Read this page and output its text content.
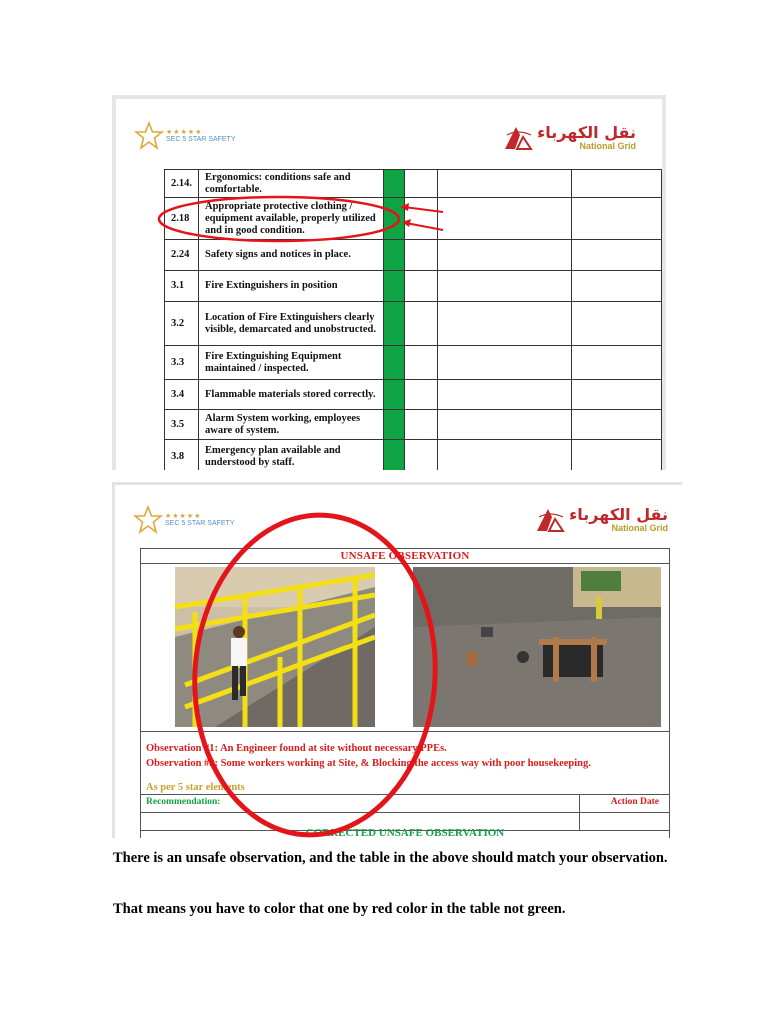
★★★★★
SEC 5 STAR SAFETY	نقل الكهرباء
National Grid
2.14.	Ergonomics: conditions safe and comfortable.				
2.18	Appropriate protective clothing / equipment available, properly utilized and in good condition.				
2.24	Safety signs and notices in place.				
3.1	Fire Extinguishers in position				
3.2	Location of Fire Extinguishers clearly visible, demarcated and unobstructed.				
3.3	Fire Extinguishing Equipment maintained / inspected.				
3.4	Flammable materials stored correctly.				
3.5	Alarm System working, employees aware of system.				
3.8	Emergency plan available and understood by staff.				
★★★★★
SEC 5 STAR SAFETY	نقل الكهرباء
National Grid
UNSAFE OBSERVATION
Observation #1: An Engineer found at site without necessary PPEs.
Observation #2: Some workers working at Site, & Blocking the access way with poor housekeeping.
As per 5 star elements
Recommendation:	Action Date
CORRECTED UNSAFE OBSERVATION
There is an unsafe observation, and the table in the above should match your observation.
That means you have to color that one by red color in the table not green.
